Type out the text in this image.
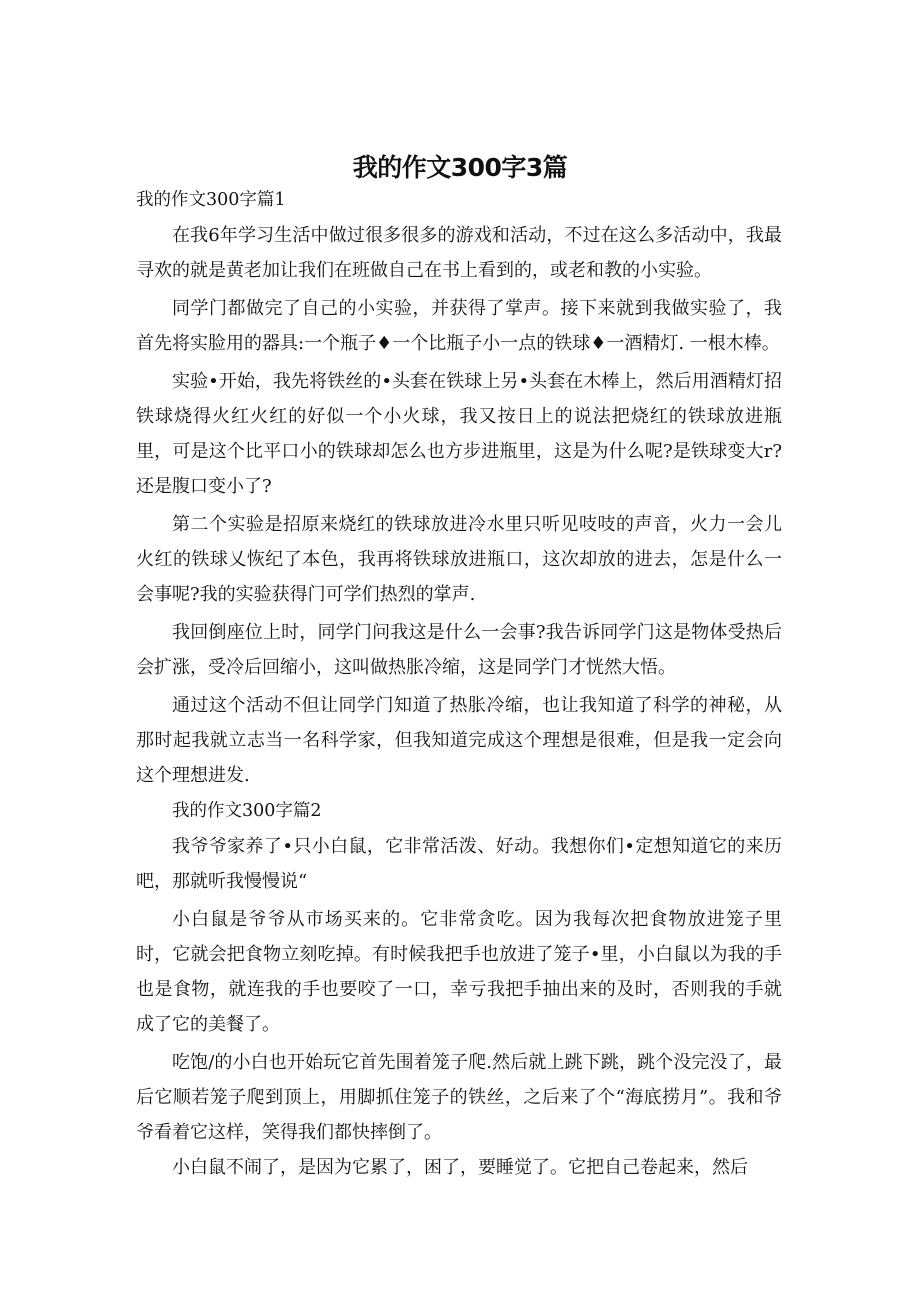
我的作文300字3篇
我的作文300字篇1

在我6年学习生活中做过很多很多的游戏和活动，不过在这么多活动中，我最寻欢的就是黄老加让我们在班做自己在书上看到的，或老和教的小实验。

同学门都做完了自己的小实验，并获得了掌声。接下来就到我做实验了，我首先将实脸用的器具:一个瓶子♦一个比瓶子小一点的铁球♦一酒精灯. 一根木棒。

实验•开始，我先将铁丝的•头套在铁球上另•头套在木棒上，然后用酒精灯招铁球烧得火红火红的好似一个小火球，我又按日上的说法把烧红的铁球放进瓶里，可是这个比平口小的铁球却怎么也方步进瓶里，这是为什么呢?是铁球变大r?还是腹口变小了?

第二个实验是招原来烧红的铁球放进冷水里只听见吱吱的声音，火力一会儿火红的铁球乂恢纪了本色，我再将铁球放进瓶口，这次却放的进去，怎是什么一会事呢?我的实验获得门可学们热烈的掌声.

我回倒座位上时，同学门问我这是什么一会事?我告诉同学门这是物体受热后会扩涨，受冷后回缩小，这叫做热胀冷缩，这是同学门才恍然大悟。

通过这个活动不但让同学门知道了热胀冷缩，也让我知道了科学的神秘，从那时起我就立志当一名科学家，但我知道完成这个理想是很难，但是我一定会向这个理想进发.

我的作文300字篇2

我爷爷家养了•只小白鼠，它非常活泼、好动。我想你们•定想知道它的来历吧，那就听我慢慢说“

小白鼠是爷爷从市场买来的。它非常贪吃。因为我每次把食物放进笼子里时，它就会把食物立刻吃掉。有时候我把手也放进了笼子•里，小白鼠以为我的手也是食物，就连我的手也要咬了一口，幸亏我把手抽出来的及时，否则我的手就成了它的美餐了。

吃饱/的小白也开始玩它首先围着笼子爬.然后就上跳下跳，跳个没完没了，最后它顺若笼子爬到顶上，用脚抓住笼子的铁丝，之后来了个“海底捞月”。我和爷爷看着它这样，笑得我们都快摔倒了。

小白鼠不闹了，是因为它累了，困了，要睡觉了。它把自己卷起来，然后
